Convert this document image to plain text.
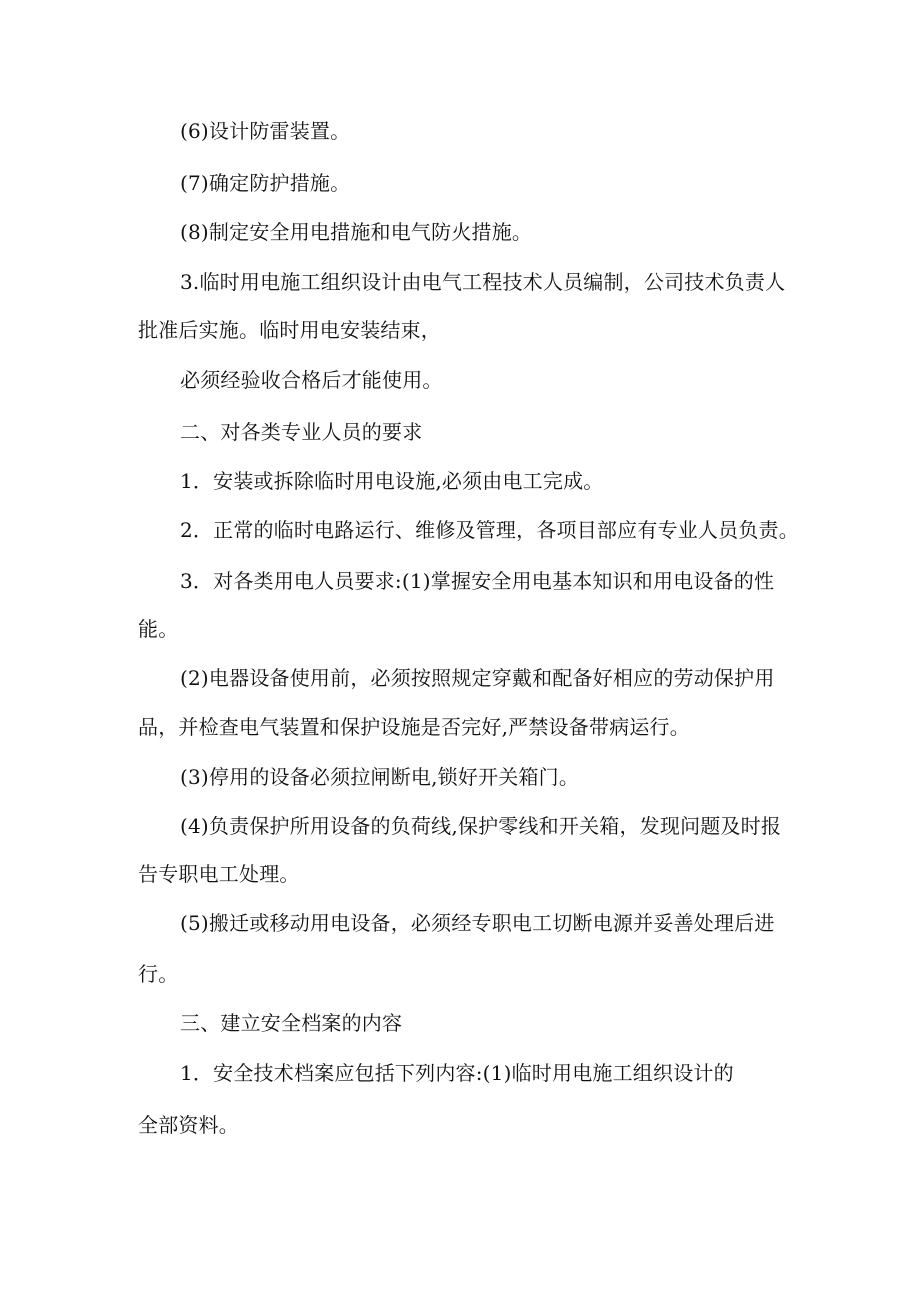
(6)设计防雷装置。
(7)确定防护措施。
(8)制定安全用电措施和电气防火措施。
3.临时用电施工组织设计由电气工程技术人员编制，公司技术负责人
批准后实施。临时用电安装结束，
必须经验收合格后才能使用。
二、对各类专业人员的要求
1．安装或拆除临时用电设施,必须由电工完成。
2．正常的临时电路运行、维修及管理，各项目部应有专业人员负责。
3．对各类用电人员要求:(1)掌握安全用电基本知识和用电设备的性
能。
(2)电器设备使用前，必须按照规定穿戴和配备好相应的劳动保护用
品，并检查电气装置和保护设施是否完好,严禁设备带病运行。
(3)停用的设备必须拉闸断电,锁好开关箱门。
(4)负责保护所用设备的负荷线,保护零线和开关箱，发现问题及时报
告专职电工处理。
(5)搬迁或移动用电设备，必须经专职电工切断电源并妥善处理后进
行。
三、建立安全档案的内容
1．安全技术档案应包括下列内容:(1)临时用电施工组织设计的
全部资料。
